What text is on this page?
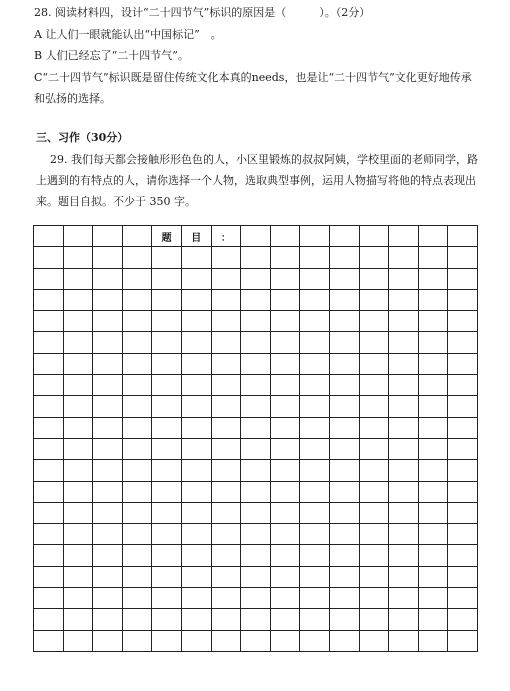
28. 阅读材料四，设计“二十四节气”标识的原因是（　　　）。（2分）
A 让人们一眼就能认出“中国标记”　。
B 人们已经忘了“二十四节气”。
C“二十四节气”标识既是留住传统文化本真的needs，也是让“二十四节气”文化更好地传承
和弘扬的选择。
三、习作（30分）
29. 我们每天都会接触形形色色的人，小区里锻炼的叔叔阿姨，学校里面的老师同学，路
上遇到的有特点的人，请你选择一个人物，选取典型事例，运用人物描写将他的特点表现出
来。题目自拟。不少于 350 字。
题	目	：
